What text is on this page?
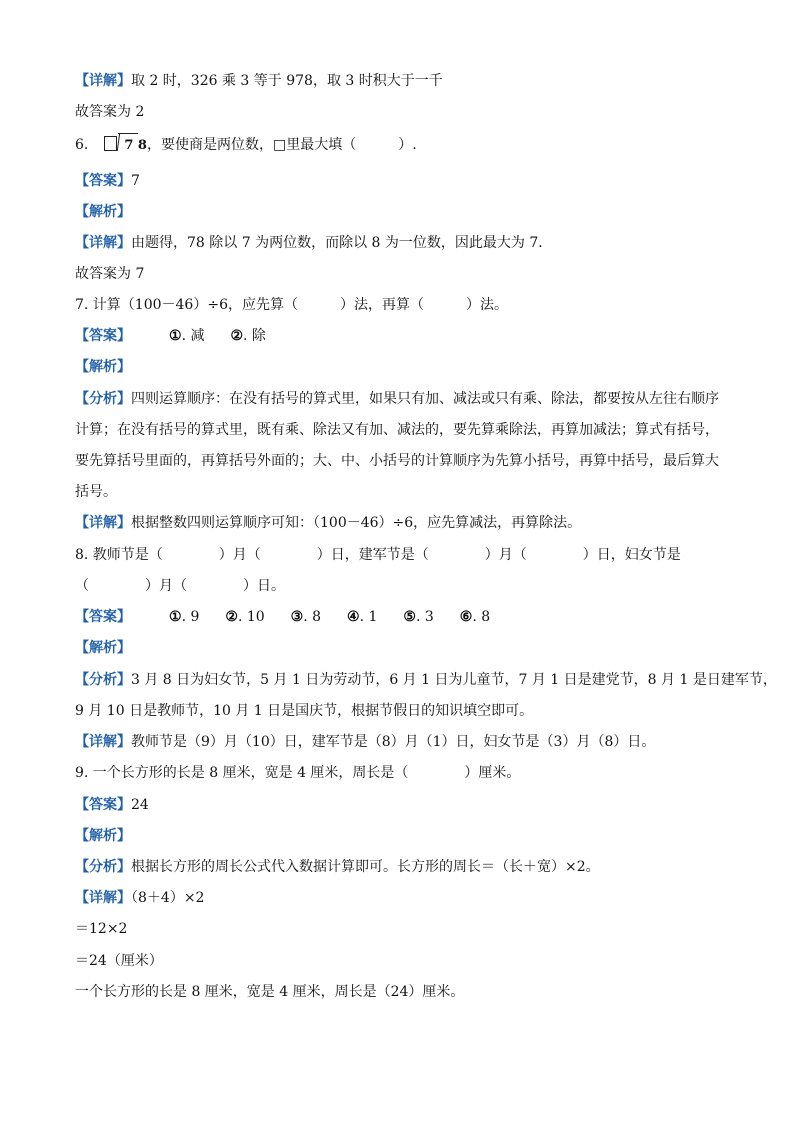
【详解】取 2 时，326 乘 3 等于 978，取 3 时积大于一千
故答案为 2
6.	7 8，要使商是两位数，□里最大填（　　　）.
【答案】7
【解析】
【详解】由题得，78 除以 7 为两位数，而除以 8 为一位数，因此最大为 7．
故答案为 7
7. 计算（100－46）÷6，应先算（　　　）法，再算（　　　）法。
【答案】	①. 减 ②. 除
【解析】
【分析】四则运算顺序：在没有括号的算式里，如果只有加、减法或只有乘、除法，都要按从左往右顺序
计算；在没有括号的算式里，既有乘、除法又有加、减法的，要先算乘除法，再算加减法；算式有括号，
要先算括号里面的，再算括号外面的；大、中、小括号的计算顺序为先算小括号，再算中括号，最后算大
括号。
【详解】根据整数四则运算顺序可知：（100－46）÷6，应先算减法，再算除法。
8. 教师节是（　　　　）月（　　　　）日，建军节是（　　　　）月（　　　　）日，妇女节是
（　　　　）月（　　　　）日。
【答案】	①. 9 ②. 10 ③. 8 ④. 1 ⑤. 3 ⑥. 8
【解析】
【分析】3 月 8 日为妇女节，5 月 1 日为劳动节，6 月 1 日为儿童节，7 月 1 日是建党节，8 月 1 是日建军节，
9 月 10 日是教师节，10 月 1 日是国庆节，根据节假日的知识填空即可。
【详解】教师节是（9）月（10）日，建军节是（8）月（1）日，妇女节是（3）月（8）日。
9. 一个长方形的长是 8 厘米，宽是 4 厘米，周长是（　　　　）厘米。
【答案】24
【解析】
【分析】根据长方形的周长公式代入数据计算即可。长方形的周长＝（长＋宽）×2。
【详解】（8＋4）×2
＝12×2
＝24（厘米）
一个长方形的长是 8 厘米，宽是 4 厘米，周长是（24）厘米。
